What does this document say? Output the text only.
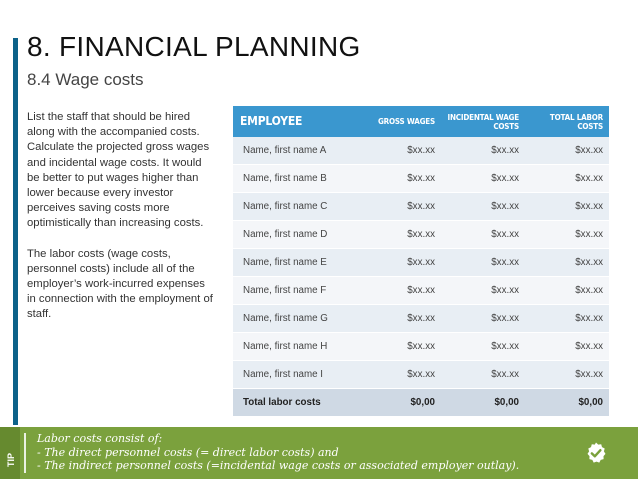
8. FINANCIAL PLANNING
8.4 Wage costs

List the staff that should be hired along with the accompanied costs. Calculate the projected gross wages and incidental wage costs. It would be better to put wages higher than lower because every investor perceives saving costs more optimistically than increasing costs.

The labor costs (wage costs, personnel costs) include all of the employer’s work-incurred expenses in connection with the employment of staff.

EMPLOYEE	GROSS WAGES	INCIDENTAL WAGE COSTS	TOTAL LABOR COSTS
Name, first name A	$xx.xx	$xx.xx	$xx.xx
Name, first name B	$xx.xx	$xx.xx	$xx.xx
Name, first name C	$xx.xx	$xx.xx	$xx.xx
Name, first name D	$xx.xx	$xx.xx	$xx.xx
Name, first name E	$xx.xx	$xx.xx	$xx.xx
Name, first name F	$xx.xx	$xx.xx	$xx.xx
Name, first name G	$xx.xx	$xx.xx	$xx.xx
Name, first name H	$xx.xx	$xx.xx	$xx.xx
Name, first name I	$xx.xx	$xx.xx	$xx.xx
Total labor costs	$0,00	$0,00	$0,00
TIP
Labor costs consist of:
- The direct personnel costs (= direct labor costs) and
- The indirect personnel costs (=incidental wage costs or associated employer outlay).
